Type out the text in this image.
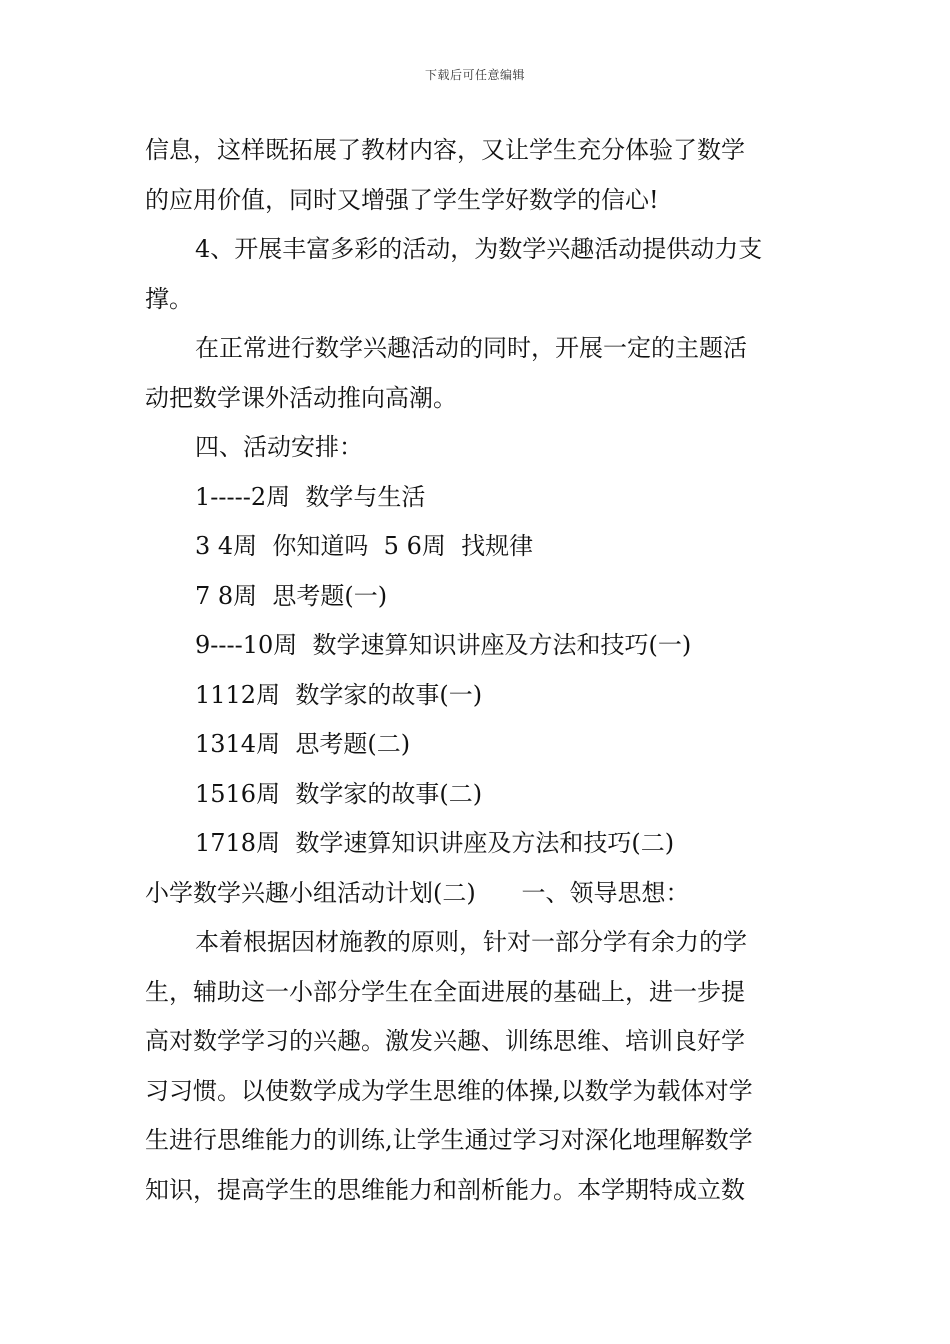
下载后可任意编辑
信息，这样既拓展了教材内容，又让学生充分体验了数学
的应用价值，同时又增强了学生学好数学的信心!
4、开展丰富多彩的活动，为数学兴趣活动提供动力支
撑。
在正常进行数学兴趣活动的同时，开展一定的主题活
动把数学课外活动推向高潮。
四、活动安排：
1-----2周  数学与生活
3 4周  你知道吗  5 6周  找规律
7 8周  思考题(一)
9----10周  数学速算知识讲座及方法和技巧(一)
1112周  数学家的故事(一)
1314周  思考题(二)
1516周  数学家的故事(二)
1718周  数学速算知识讲座及方法和技巧(二)
小学数学兴趣小组活动计划(二)      一、领导思想：
本着根据因材施教的原则，针对一部分学有余力的学
生，辅助这一小部分学生在全面进展的基础上，进一步提
高对数学学习的兴趣。激发兴趣、训练思维、培训良好学
习习惯。以使数学成为学生思维的体操,以数学为载体对学
生进行思维能力的训练,让学生通过学习对深化地理解数学
知识，提高学生的思维能力和剖析能力。本学期特成立数
